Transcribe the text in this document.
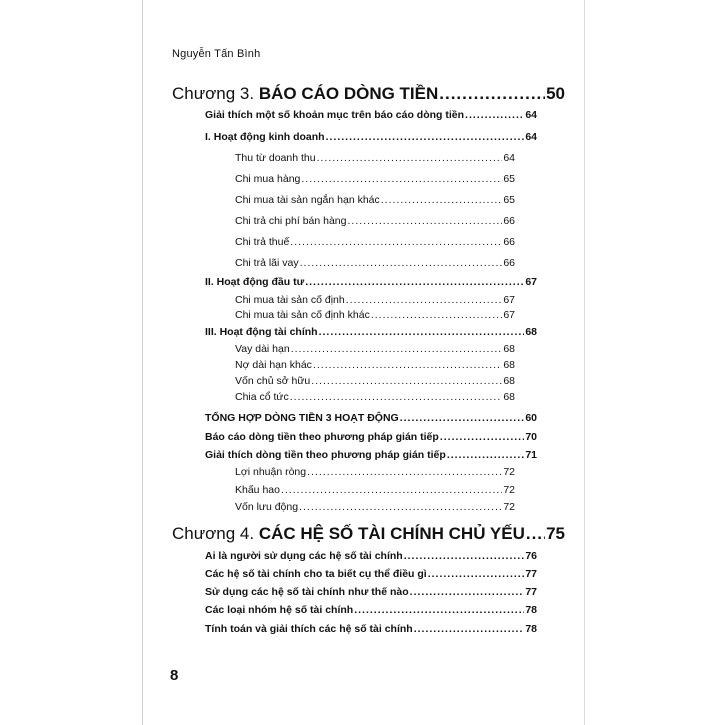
Nguyễn Tấn Bình
Chương 3. BÁO CÁO DÒNG TIỀN .....	50
Giải thích một số khoản mục trên báo cáo dòng tiền .....	64
I. Hoạt động kinh doanh .....	64
Thu từ doanh thu .....	64
Chi mua hàng .....	65
Chi mua tài sản ngắn hạn khác .....	65
Chi trả chi phí bán hàng .....	66
Chi trả thuế .....	66
Chi trả lãi vay .....	66
II. Hoạt động đầu tư .....	67
Chi mua tài sản cố định .....	67
Chi mua tài sản cố định khác .....	67
III. Hoạt động tài chính .....	68
Vay dài hạn .....	68
Nợ dài hạn khác .....	68
Vốn chủ sở hữu .....	68
Chia cổ tức .....	68
TỔNG HỢP DÒNG TIỀN 3 HOẠT ĐỘNG .....	60
Báo cáo dòng tiền theo phương pháp gián tiếp .....	70
Giải thích dòng tiền theo phương pháp gián tiếp .....	71
Lợi nhuận ròng .....	72
Khấu hao .....	72
Vốn lưu động .....	72
Chương 4. CÁC HỆ SỐ TÀI CHÍNH CHỦ YẾU ..... 75
Ai là người sử dụng các hệ số tài chính .....	76
Các hệ số tài chính cho ta biết cụ thể điều gì .....	77
Sử dụng các hệ số tài chính như thế nào .....	77
Các loại nhóm hệ số tài chính .....	78
Tính toán và giải thích các hệ số tài chính .....	78
8
